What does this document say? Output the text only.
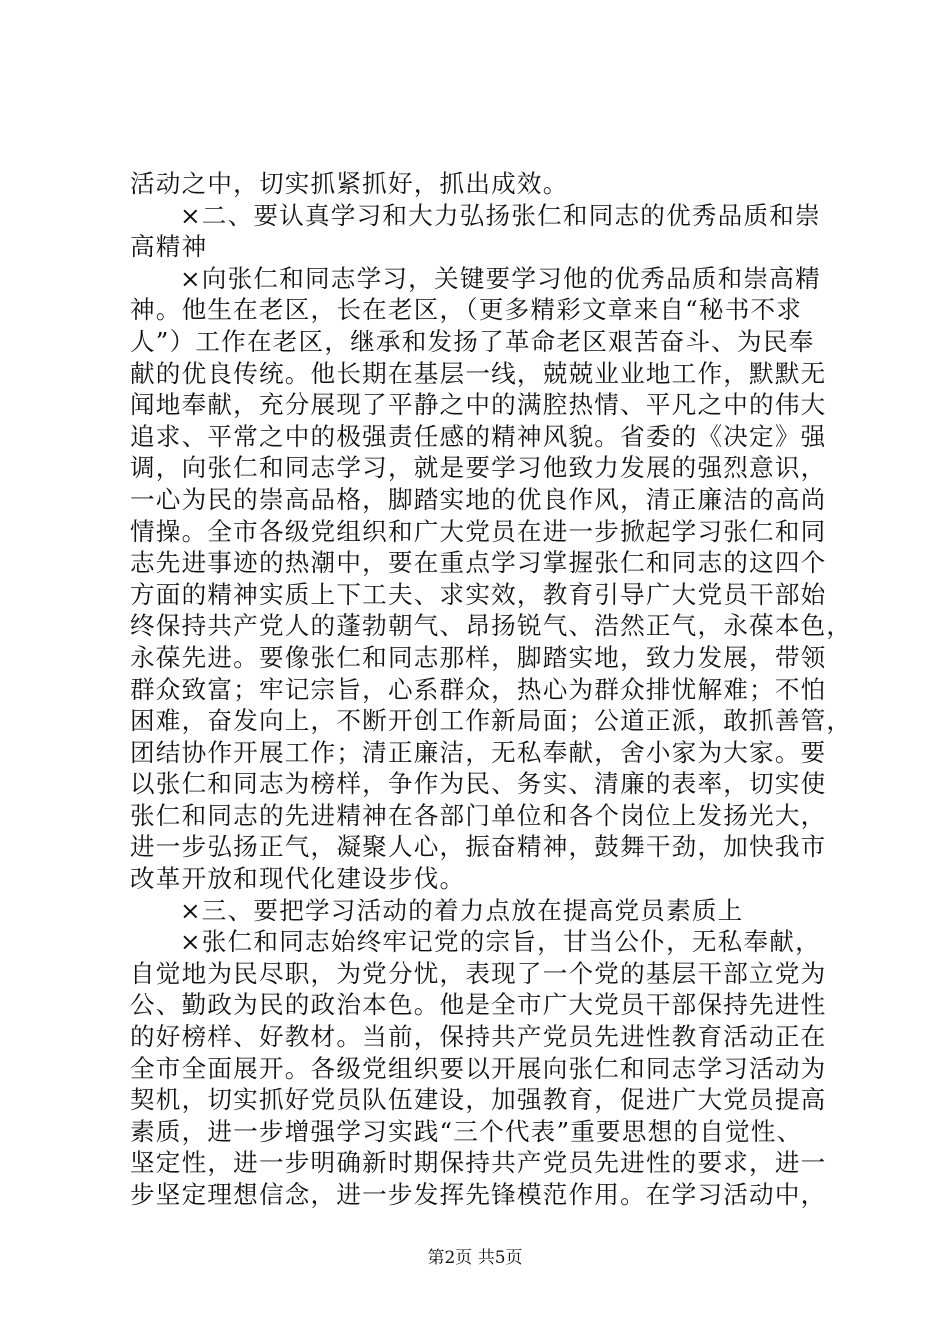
活动之中，切实抓紧抓好，抓出成效。
×二、要认真学习和大力弘扬张仁和同志的优秀品质和崇
高精神
×向张仁和同志学习，关键要学习他的优秀品质和崇高精
神。他生在老区，长在老区，（更多精彩文章来自“秘书不求
人”）工作在老区，继承和发扬了革命老区艰苦奋斗、为民奉
献的优良传统。他长期在基层一线，兢兢业业地工作，默默无
闻地奉献，充分展现了平静之中的满腔热情、平凡之中的伟大
追求、平常之中的极强责任感的精神风貌。省委的《决定》强
调，向张仁和同志学习，就是要学习他致力发展的强烈意识，
一心为民的崇高品格，脚踏实地的优良作风，清正廉洁的高尚
情操。全市各级党组织和广大党员在进一步掀起学习张仁和同
志先进事迹的热潮中，要在重点学习掌握张仁和同志的这四个
方面的精神实质上下工夫、求实效，教育引导广大党员干部始
终保持共产党人的蓬勃朝气、昂扬锐气、浩然正气，永葆本色，
永葆先进。要像张仁和同志那样，脚踏实地，致力发展，带领
群众致富；牢记宗旨，心系群众，热心为群众排忧解难；不怕
困难，奋发向上，不断开创工作新局面；公道正派，敢抓善管，
团结协作开展工作；清正廉洁，无私奉献，舍小家为大家。要
以张仁和同志为榜样，争作为民、务实、清廉的表率，切实使
张仁和同志的先进精神在各部门单位和各个岗位上发扬光大，
进一步弘扬正气，凝聚人心，振奋精神，鼓舞干劲，加快我市
改革开放和现代化建设步伐。
×三、要把学习活动的着力点放在提高党员素质上
×张仁和同志始终牢记党的宗旨，甘当公仆，无私奉献，
自觉地为民尽职，为党分忧，表现了一个党的基层干部立党为
公、勤政为民的政治本色。他是全市广大党员干部保持先进性
的好榜样、好教材。当前，保持共产党员先进性教育活动正在
全市全面展开。各级党组织要以开展向张仁和同志学习活动为
契机，切实抓好党员队伍建设，加强教育，促进广大党员提高
素质，进一步增强学习实践“三个代表”重要思想的自觉性、
坚定性，进一步明确新时期保持共产党员先进性的要求，进一
步坚定理想信念，进一步发挥先锋模范作用。在学习活动中，
第2页 共5页
